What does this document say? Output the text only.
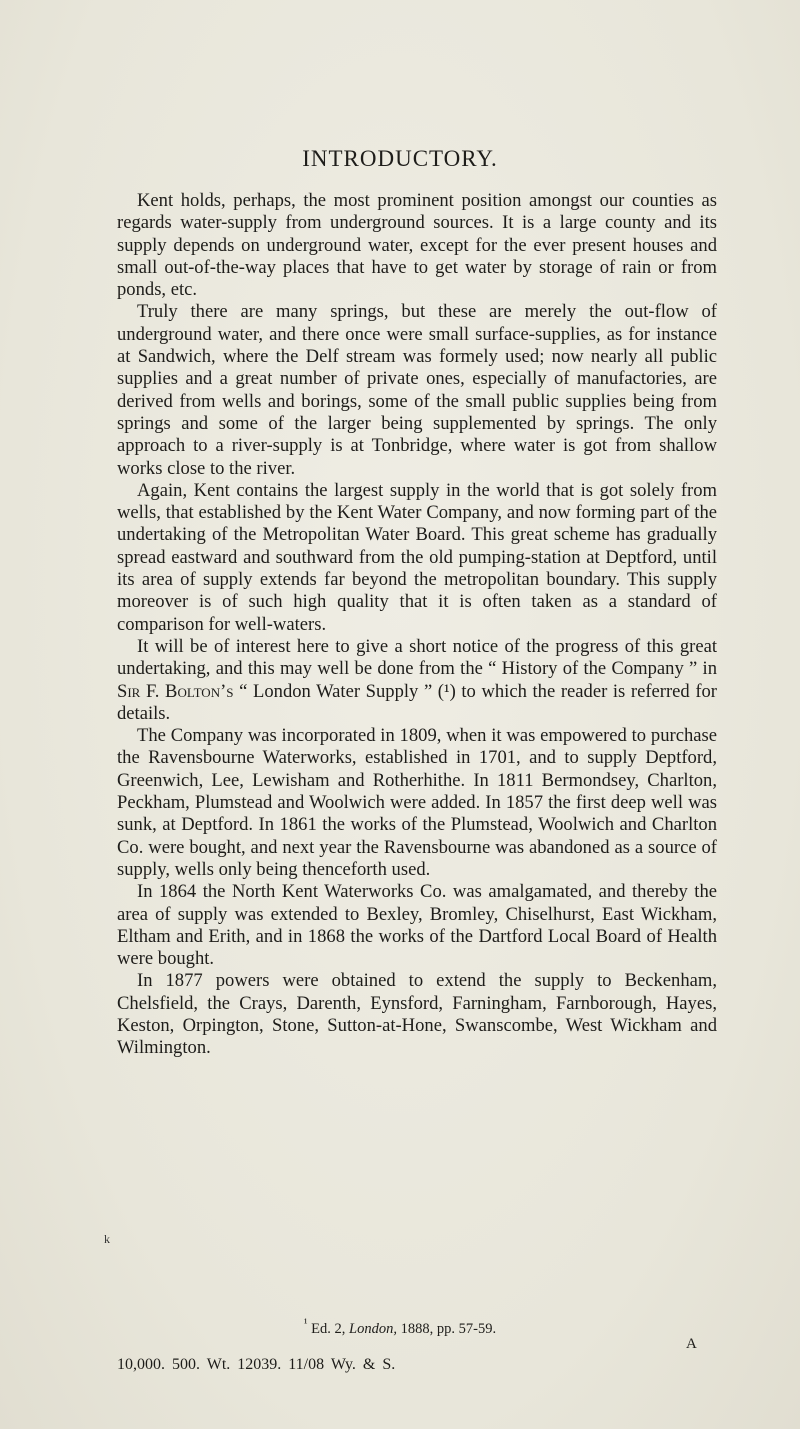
INTRODUCTORY.

Kent holds, perhaps, the most prominent position amongst our counties as regards water-supply from underground sources. It is a large county and its supply depends on underground water, except for the ever present houses and small out-of-the-way places that have to get water by storage of rain or from ponds, etc.

Truly there are many springs, but these are merely the out-flow of underground water, and there once were small surface-supplies, as for instance at Sandwich, where the Delf stream was formely used; now nearly all public supplies and a great number of private ones, especially of manufactories, are derived from wells and borings, some of the small public supplies being from springs and some of the larger being supplemented by springs. The only approach to a river-supply is at Tonbridge, where water is got from shallow works close to the river.

Again, Kent contains the largest supply in the world that is got solely from wells, that established by the Kent Water Company, and now forming part of the undertaking of the Metropolitan Water Board. This great scheme has gradually spread eastward and southward from the old pumping-station at Deptford, until its area of supply extends far beyond the metropolitan boundary. This supply moreover is of such high quality that it is often taken as a standard of comparison for well-waters.

It will be of interest here to give a short notice of the progress of this great undertaking, and this may well be done from the “ History of the Company ” in Sir F. Bolton’s “ London Water Supply ” (¹) to which the reader is referred for details.

The Company was incorporated in 1809, when it was empowered to purchase the Ravensbourne Waterworks, established in 1701, and to supply Deptford, Greenwich, Lee, Lewisham and Rotherhithe. In 1811 Bermondsey, Charlton, Peckham, Plumstead and Woolwich were added. In 1857 the first deep well was sunk, at Deptford. In 1861 the works of the Plumstead, Woolwich and Charlton Co. were bought, and next year the Ravensbourne was abandoned as a source of supply, wells only being thenceforth used.

In 1864 the North Kent Waterworks Co. was amalgamated, and thereby the area of supply was extended to Bexley, Bromley, Chiselhurst, East Wickham, Eltham and Erith, and in 1868 the works of the Dartford Local Board of Health were bought.

In 1877 powers were obtained to extend the supply to Beckenham, Chelsfield, the Crays, Darenth, Eynsford, Farningham, Farnborough, Hayes, Keston, Orpington, Stone, Sutton-at-Hone, Swanscombe, West Wickham and Wilmington.

k
$^{^1}$ Ed. 2, London, 1888, pp. 57-59.
A
10,000. 500. Wt. 12039. 11/08 Wy. & S.
